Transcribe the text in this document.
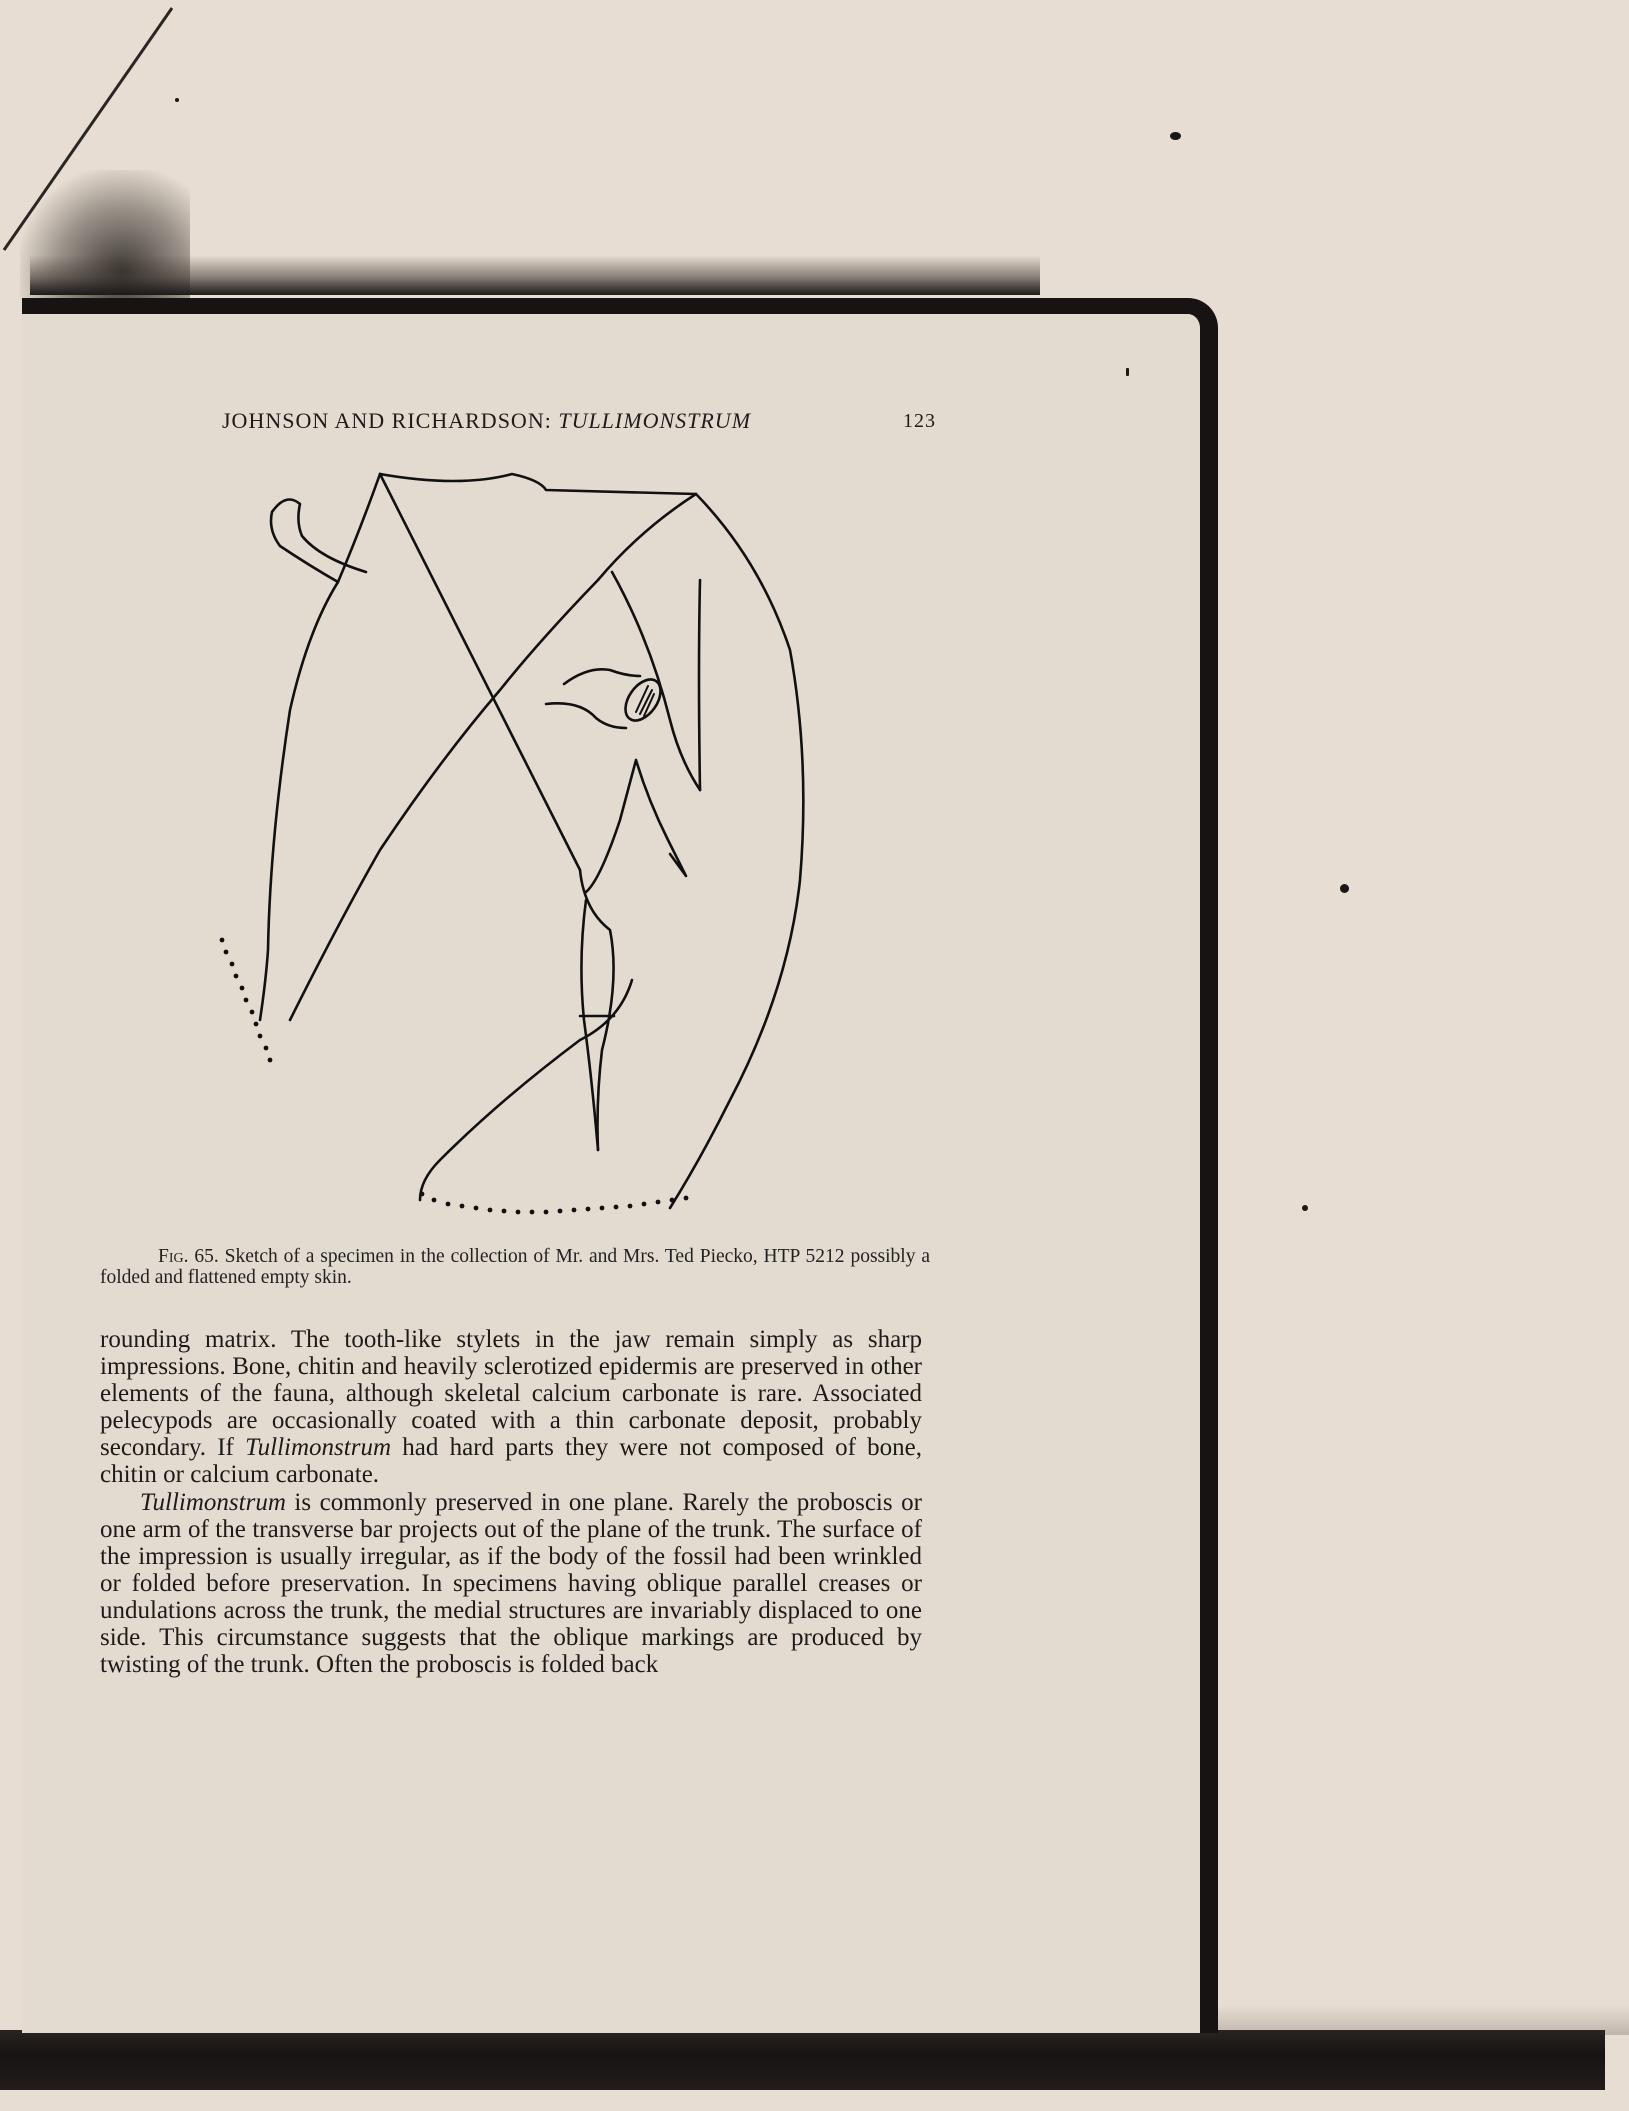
JOHNSON AND RICHARDSON: TULLIMONSTRUM	123

Fig. 65. Sketch of a specimen in the collection of Mr. and Mrs. Ted Piecko, HTP 5212 possibly a folded and flattened empty skin.

rounding matrix. The tooth-like stylets in the jaw remain simply as sharp impressions. Bone, chitin and heavily sclerotized epidermis are preserved in other elements of the fauna, although skeletal calcium carbonate is rare. Associated pelecypods are occasionally coated with a thin carbonate deposit, probably secondary. If Tullimonstrum had hard parts they were not composed of bone, chitin or calcium carbonate.

Tullimonstrum is commonly preserved in one plane. Rarely the proboscis or one arm of the transverse bar projects out of the plane of the trunk. The surface of the impression is usually irregular, as if the body of the fossil had been wrinkled or folded before preservation. In specimens having oblique parallel creases or undulations across the trunk, the medial structures are invariably displaced to one side. This circumstance suggests that the oblique markings are produced by twisting of the trunk. Often the proboscis is folded back
